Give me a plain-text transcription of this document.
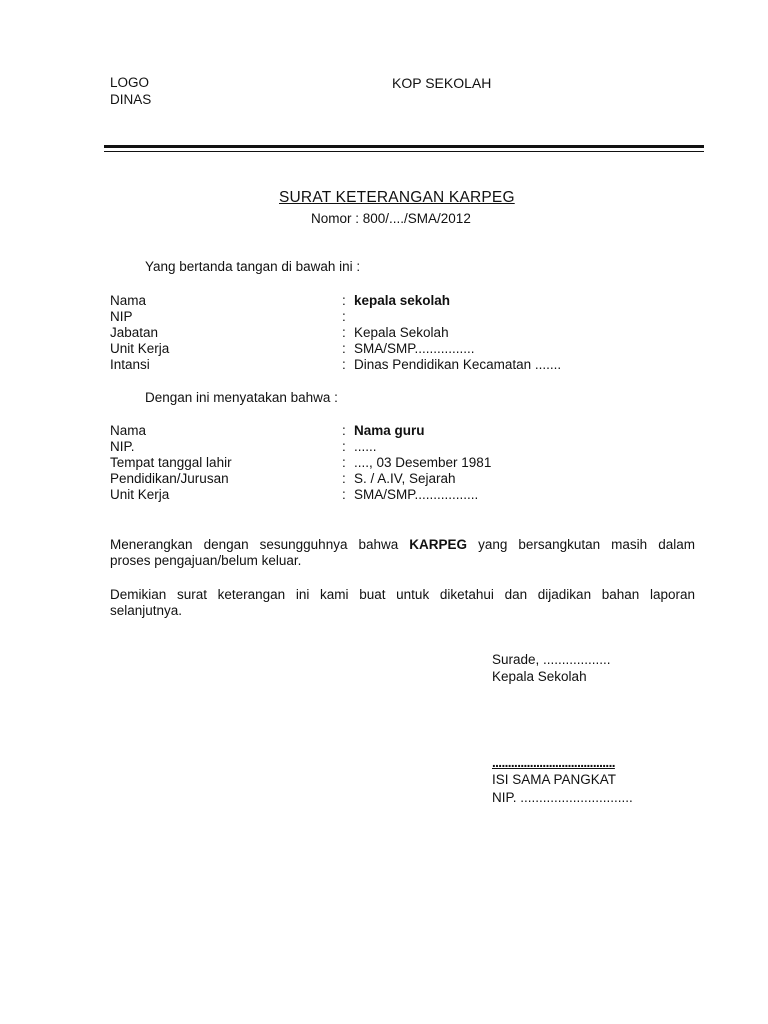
LOGO
DINAS
KOP SEKOLAH
SURAT KETERANGAN KARPEG
Nomor : 800/..../SMA/2012
Yang bertanda tangan di bawah ini :
Nama	: kepala sekolah
NIP	:
Jabatan	: Kepala Sekolah
Unit Kerja	: SMA/SMP................
Intansi	: Dinas Pendidikan Kecamatan .......
Dengan ini menyatakan bahwa :
Nama	: Nama guru
NIP.	: ......
Tempat tanggal lahir	: ...., 03 Desember 1981
Pendidikan/Jurusan	: S. / A.IV, Sejarah
Unit Kerja	: SMA/SMP.................
Menerangkan dengan sesungguhnya bahwa KARPEG yang bersangkutan masih dalam
proses pengajuan/belum keluar.
Demikian surat keterangan ini kami buat untuk diketahui dan dijadikan bahan laporan
selanjutnya.
Surade, ..................
Kepala Sekolah
.......................................
ISI SAMA PANGKAT
NIP. ..............................
